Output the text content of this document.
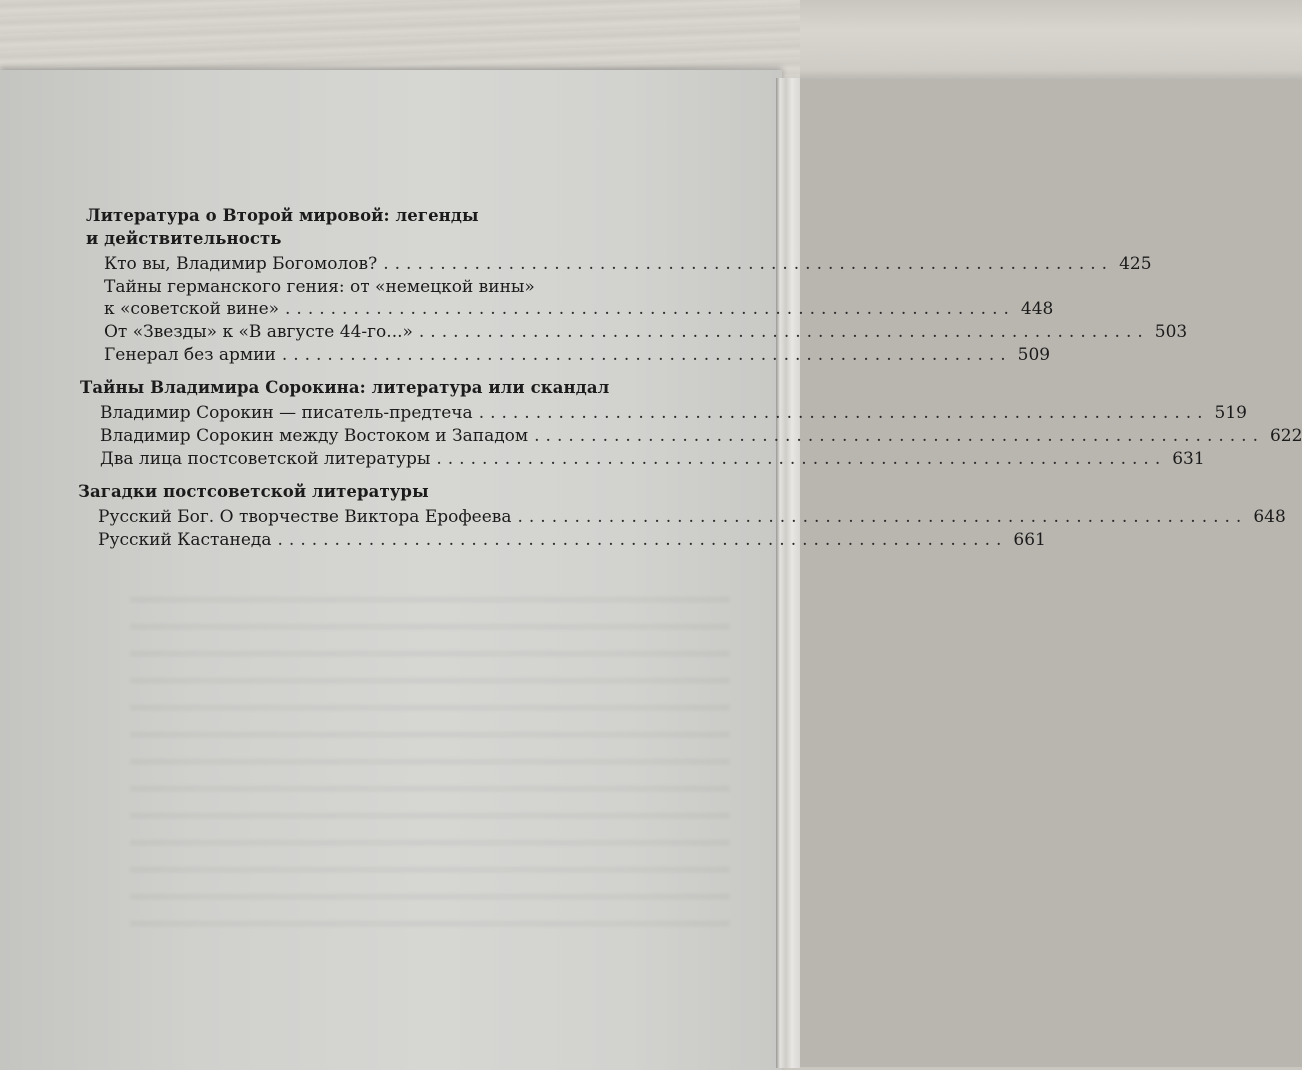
Литература о Второй мировой: легенды
и действительность
Кто вы, Владимир Богомолов? ................................................................ 425
Тайны германского гения: от «немецкой вины»
к «советской вине» ................................................................ 448
От «Звезды» к «В августе 44-го...» ................................................................ 503
Генерал без армии ................................................................ 509
Тайны Владимира Сорокина: литература или скандал
Владимир Сорокин — писатель-предтеча ................................................................ 519
Владимир Сорокин между Востоком и Западом ................................................................ 622
Два лица постсоветской литературы ................................................................ 631
Загадки постсоветской литературы
Русский Бог. О творчестве Виктора Ерофеева ................................................................ 648
Русский Кастанеда ................................................................ 661
